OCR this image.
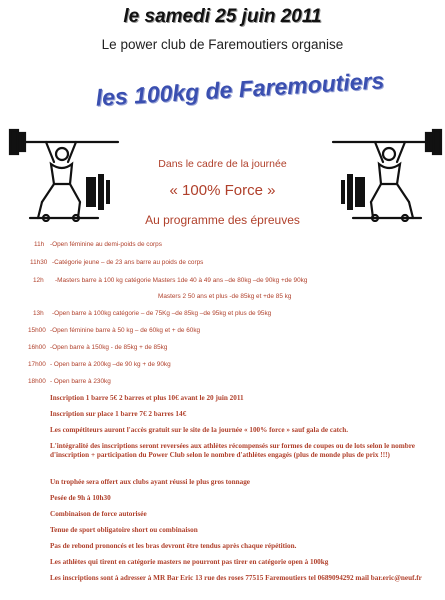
le samedi 25 juin 2011
Le power club de Faremoutiers organise
les 100kg de Faremoutiers
Dans le cadre de la journée
« 100% Force »
Au programme des épreuves
11h -Open féminine au demi-poids de corps
11h30 -Catégorie jeune – de 23 ans barre au poids de corps
12h -Masters barre à 100 kg catégorie Masters 1de 40 à 49 ans –de 80kg –de 90kg +de 90kg
Masters 2 50 ans et plus -de 85kg et +de 85 kg
13h -Open barre à 100kg catégorie – de 75Kg –de 85kg –de 95kg et plus de 95kg
15h00 -Open féminine barre à 50 kg – de 60kg et + de 60kg
16h00 -Open barre à 150kg - de 85kg + de 85kg
17h00 - Open barre à 200kg –de 90 kg + de 90kg
18h00 - Open barre à 230kg
Inscription 1 barre 5€ 2 barres et plus 10€ avant le 20 juin 2011
Inscription sur place 1 barre 7€ 2 barres 14€
Les compétiteurs auront l'accès gratuit sur le site de la journée « 100% force » sauf gala de catch.
L'intégralité des inscriptions seront reversées aux athlètes récompensés sur formes de coupes ou de lots selon le nombre d'inscription + participation du Power Club selon le nombre d'athlètes engagés (plus de monde plus de prix !!!)
Un trophée sera offert aux clubs ayant réussi le plus gros tonnage
Pesée de 9h à 10h30
Combinaison de force autorisée
Tenue de sport obligatoire short ou combinaison
Pas de rebond prononcés et les bras devront être tendus après chaque répétition.
Les athlètes qui tirent en catégorie masters ne pourront pas tirer en catégorie open à 100kg
Les inscriptions sont à adresser à MR Bar Eric 13 rue des roses 77515 Faremoutiers tel 0689094292 mail bar.eric@neuf.fr
